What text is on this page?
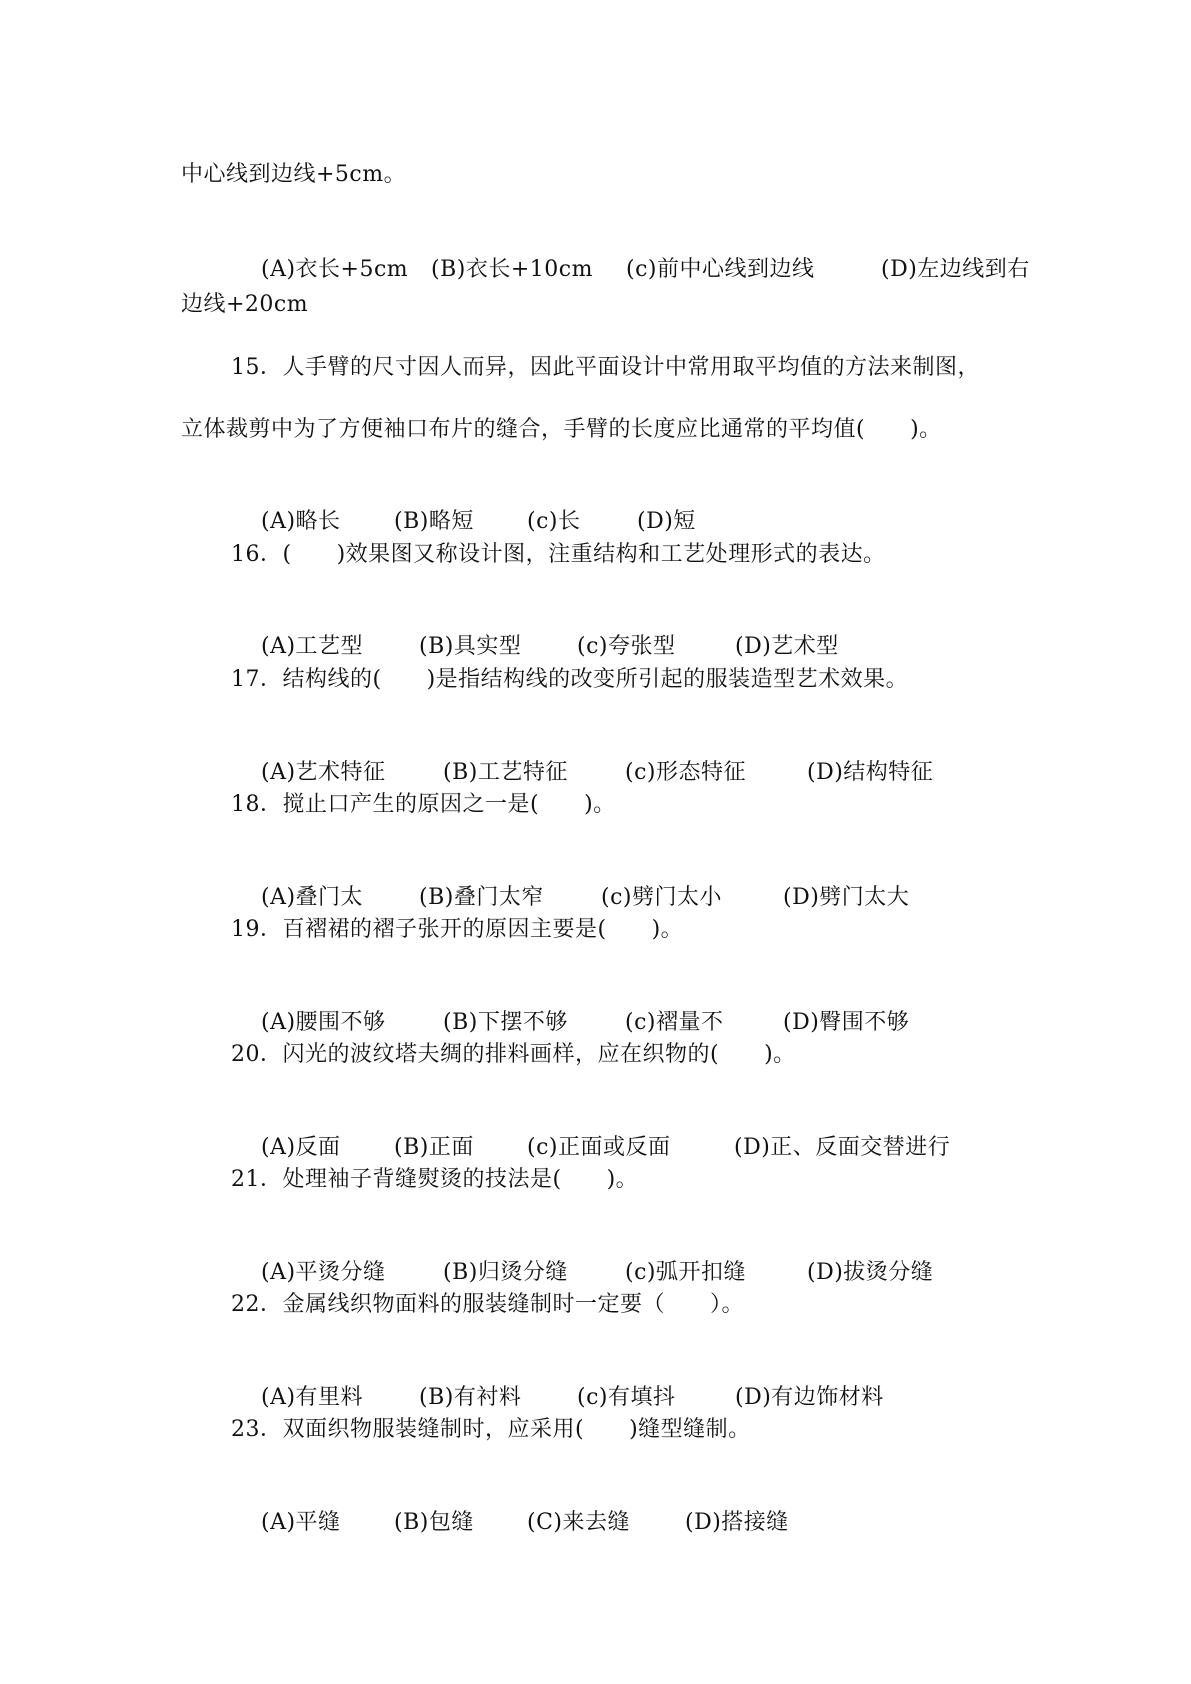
中心线到边线+5cm。

(A)衣长+5cm (B)衣长+10cm (c)前中心线到边线	(D)左边线到右

边线+20cm
15．人手臂的尺寸因人而异，因此平面设计中常用取平均值的方法来制图，
立体裁剪中为了方便袖口布片的缝合，手臂的长度应比通常的平均值(　　)。

(A)略长 (B)略短 (c)长	(D)短

16．(　　)效果图又称设计图，注重结构和工艺处理形式的表达。

(A)工艺型	(B)具实型	(c)夸张型	(D)艺术型

17．结构线的(　　)是指结构线的改变所引起的服装造型艺术效果。

(A)艺术特征	(B)工艺特征	(c)形态特征	(D)结构特征

18．搅止口产生的原因之一是(　　)。

(A)叠门太	(B)叠门太窄	(c)劈门太小	(D)劈门太大

19．百褶裙的褶子张开的原因主要是(　　)。

(A)腰围不够	(B)下摆不够	(c)褶量不	(D)臀围不够

20．闪光的波纹塔夫绸的排料画样，应在织物的(　　)。

(A)反面 (B)正面 (c)正面或反面	(D)正、反面交替进行

21．处理袖子背缝熨烫的技法是(　　)。

(A)平烫分缝	(B)归烫分缝	(c)弧开扣缝	(D)拔烫分缝

22．金属线织物面料的服装缝制时一定要（　　）。

(A)有里料	(B)有衬料	(c)有填抖	(D)有边饰材料

23．双面织物服装缝制时，应采用(　　)缝型缝制。

(A)平缝 (B)包缝 (C)来去缝	(D)搭接缝
